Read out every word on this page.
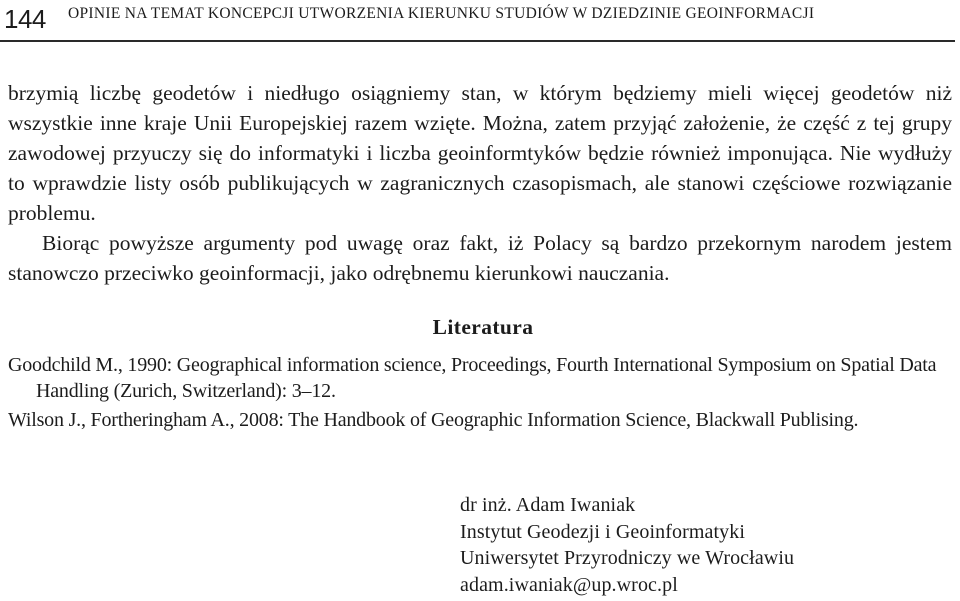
144 OPINIE NA TEMAT KONCEPCJI UTWORZENIA KIERUNKU STUDIÓW W DZIEDZINIE GEOINFORMACJI

brzymią liczbę geodetów i niedługo osiągniemy stan, w którym będziemy mieli więcej geodetów niż wszystkie inne kraje Unii Europejskiej razem wzięte. Można, zatem przyjąć założenie, że część z tej grupy zawodowej przyuczy się do informatyki i liczba geoinformtyków będzie również imponująca. Nie wydłuży to wprawdzie listy osób publikujących w zagranicznych czasopismach, ale stanowi częściowe rozwiązanie problemu.

Biorąc powyższe argumenty pod uwagę oraz fakt, iż Polacy są bardzo przekornym narodem jestem stanowczo przeciwko geoinformacji, jako odrębnemu kierunkowi nauczania.

Literatura

Goodchild M., 1990: Geographical information science, Proceedings, Fourth International Symposium on Spatial Data Handling (Zurich, Switzerland): 3–12.

Wilson J., Fortheringham A., 2008: The Handbook of Geographic Information Science, Blackwall Publising.

dr inż. Adam Iwaniak
Instytut Geodezji i Geoinformatyki
Uniwersytet Przyrodniczy we Wrocławiu
adam.iwaniak@up.wroc.pl
